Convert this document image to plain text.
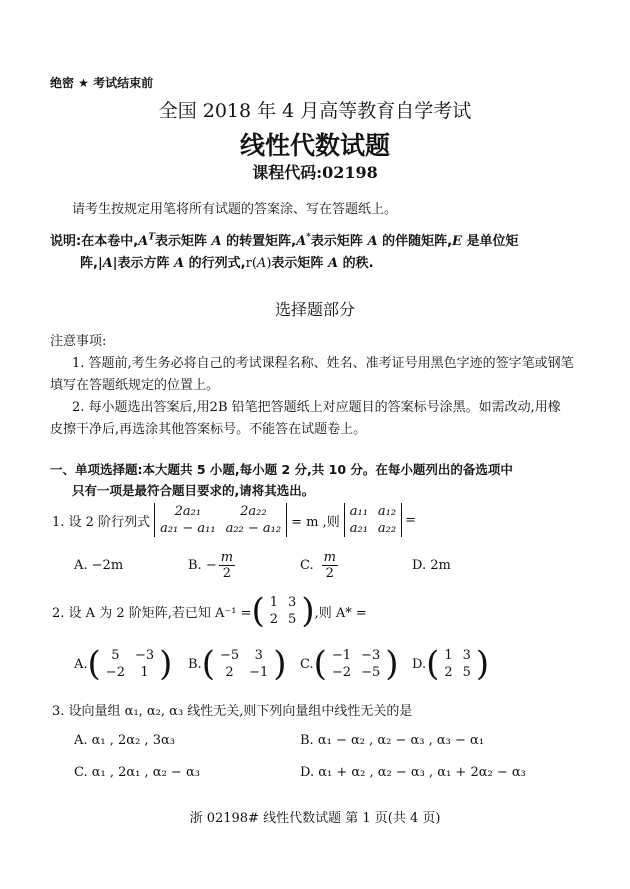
绝密 ★ 考试结束前
全国 2018 年 4 月高等教育自学考试
线性代数试题
课程代码:02198
请考生按规定用笔将所有试题的答案涂、写在答题纸上。
说明:在本卷中$,A^T$表示矩阵 A 的转置矩阵,A*表示矩阵 A 的伴随矩阵,E 是单位矩
阵,|A|表示方阵 A 的行列式,r(A)表示矩阵 A 的秩.
选择题部分
注意事项:
1. 答题前,考生务必将自己的考试课程名称、姓名、准考证号用黑色字迹的签字笔或钢笔
填写在答题纸规定的位置上。
2. 每小题选出答案后,用2B 铅笔把答题纸上对应题目的答案标号涂黑。如需改动,用橡
皮擦干净后,再选涂其他答案标号。不能答在试题卷上。
一、单项选择题:本大题共 5 小题,每小题 2 分,共 10 分。在每小题列出的备选项中
只有一项是最符合题目要求的,请将其选出。
1. 设 2 阶行列式
2a₂₁	2a₂₂
a₂₁ − a₁₁	a₂₂ − a₁₂ = m ,则
a₁₁	a₁₂
a₂₁	a₂₂
=
A. −2m	B. − $\frac{m}{2}$	C. $\frac{m}{2}$	D. 2m
2. 设 A 为 2 阶矩阵,若已知 A⁻¹ = ( 1	3
2	5 ) ,则 A* =
A. ( 5	−3
−2	1 ) B. ( −5	3
2	−1 ) C. ( −1	−3
−2	−5 ) D. ( 1	3
2	5 )
3. 设向量组 α₁, α₂, α₃ 线性无关,则下列向量组中线性无关的是
A. α₁ , 2α₂ , 3α₃	B. α₁ − α₂ , α₂ − α₃ , α₃ − α₁
C. α₁ , 2α₁ , α₂ − α₃	D. α₁ + α₂ , α₂ − α₃ , α₁ + 2α₂ − α₃
浙 02198# 线性代数试题 第 1 页(共 4 页)
